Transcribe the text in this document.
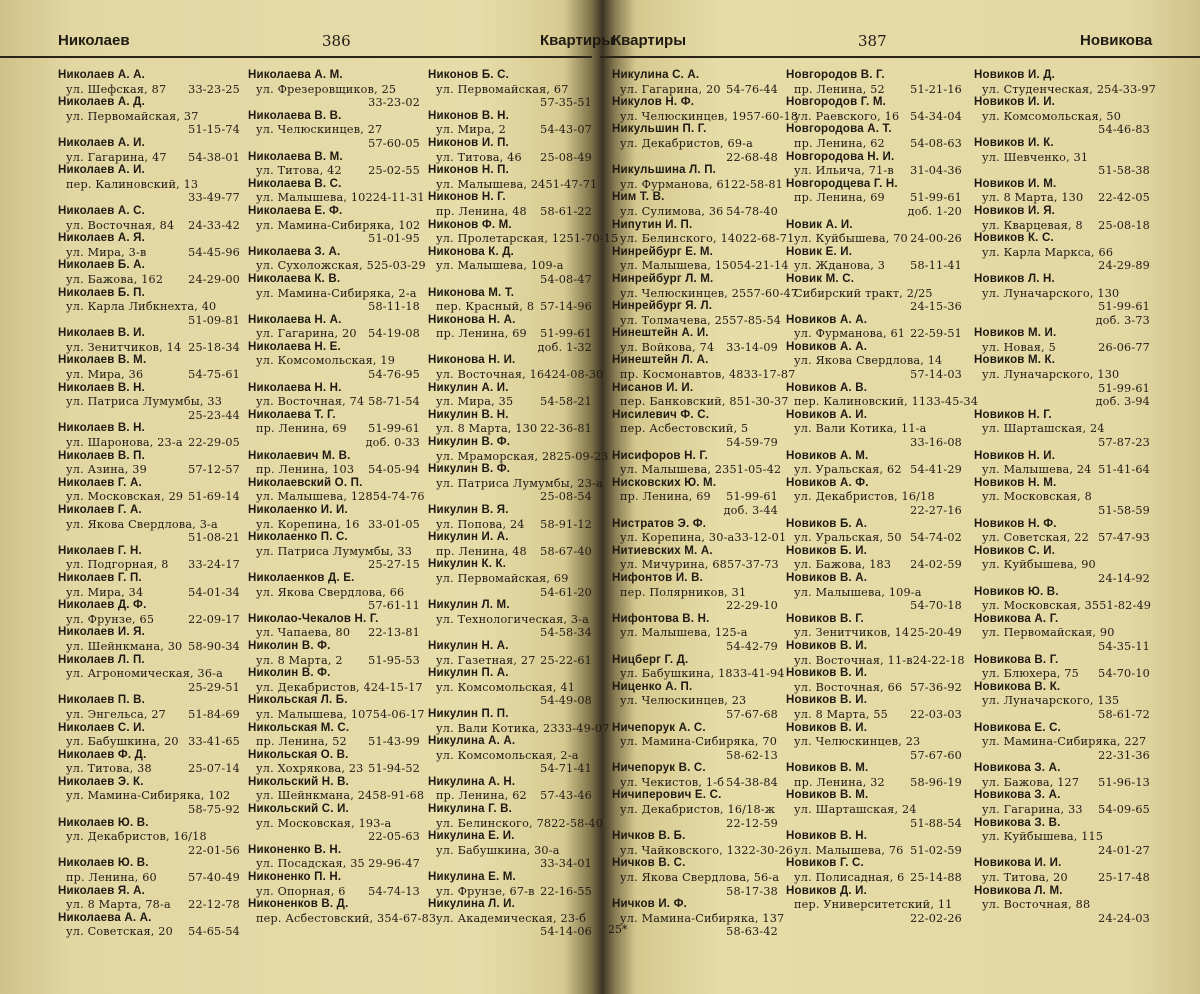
Николаев	386	Квартиры
Николаев А. А.
ул. Шефская, 87 33-23-25
Николаев А. Д.
ул. Первомайская, 37
51-15-74
Николаев А. И.
ул. Гагарина, 47 54-38-01
Николаев А. И.
пер. Калиновский, 13
33-49-77
Николаев А. С.
ул. Восточная, 84 24-33-42
Николаев А. Я.
ул. Мира, 3-в	54-45-96
Николаев Б. А.
ул. Бажова, 162 24-29-00
Николаев Б. П.
ул. Карла Либкнехта, 40
51-09-81
Николаев В. И.
ул. Зенитчиков, 14 25-18-34
Николаев В. М.
ул. Мира, 36	54-75-61
Николаев В. Н.
ул. Патриса Лумумбы, 33
25-23-44
Николаев В. Н.
ул. Шаронова, 23-а 22-29-05
Николаев В. П.
ул. Азина, 39	57-12-57
Николаев Г. А.
ул. Московская, 29 51-69-14
Николаев Г. А.
ул. Якова Свердлова, 3-а
51-08-21
Николаев Г. Н.
ул. Подгорная, 8 33-24-17
Николаев Г. П.
ул. Мира, 34	54-01-34
Николаев Д. Ф.
ул. Фрунзе, 65	22-09-17
Николаев И. Я.
ул. Шейнкмана, 30 58-90-34
Николаев Л. П.
ул. Агрономическая, 36-а
25-29-51
Николаев П. В.
ул. Энгельса, 27 51-84-69
Николаев С. И.
ул. Бабушкина, 20 33-41-65
Николаев Ф. Д.
ул. Титова, 38	25-07-14
Николаев Э. К.
ул. Мамина-Сибиряка, 102
58-75-92
Николаев Ю. В.
ул. Декабристов, 16/18
22-01-56
Николаев Ю. В.
пр. Ленина, 60	57-40-49
Николаев Я. А.
ул. 8 Марта, 78-а 22-12-78
Николаева А. А.
ул. Советская, 20 54-65-54
Николаева А. М.
ул. Фрезеровщиков, 25
33-23-02
Николаева В. В.
ул. Челюскинцев, 27
57-60-05
Николаева В. М.
ул. Титова, 42 25-02-55
Николаева В. С.
ул. Малышева, 102 24-11-31
Николаева Е. Ф.
ул. Мамина-Сибиряка, 102
51-01-95
Николаева З. А.
ул. Сухоложская, 5 25-03-29
Николаева К. В.
ул. Мамина-Сибиряка, 2-а
58-11-18
Николаева Н. А.
ул. Гагарина, 20 54-19-08
Николаева Н. Е.
ул. Комсомольская, 19
54-76-95
Николаева Н. Н.
ул. Восточная, 74 58-71-54
Николаева Т. Г.
пр. Ленина, 69 51-99-61
доб. 0-33
Николаевич М. В.
пр. Ленина, 103 54-05-94
Николаевский О. П.
ул. Малышева, 128 54-74-76
Николаенко И. И.
ул. Корепина, 16 33-01-05
Николаенко П. С.
ул. Патриса Лумумбы, 33
25-27-15
Николаенков Д. Е.
ул. Якова Свердлова, 66
57-61-11
Николао-Чекалов Н. Г.
ул. Чапаева, 80 22-13-81
Николин В. Ф.
ул. 8 Марта, 2 51-95-53
Николин В. Ф.
ул. Декабристов, 4 24-15-17
Никольская Л. Б.
ул. Малышева, 107 54-06-17
Никольская М. С.
пр. Ленина, 52 51-43-99
Никольская О. В.
ул. Хохрякова, 23 51-94-52
Никольский Н. В.
ул. Шейнкмана, 24 58-91-68
Никольский С. И.
ул. Московская, 193-а
22-05-63
Никоненко В. Н.
ул. Посадская, 35 29-96-47
Никоненко П. Н.
ул. Опорная, 6 54-74-13
Никоненков В. Д.
пер. Асбестовский, 3 54-67-83
Никонов Б. С.
ул. Первомайская, 67
57-35-51
Никонов В. Н.
ул. Мира, 2	54-43-07
Никонов И. П.
ул. Титова, 46 25-08-49
Никонов Н. П.
ул. Малышева, 24 51-47-71
Никонов Н. Г.
пр. Ленина, 48 58-61-22
Никонов Ф. М.
ул. Пролетарская, 12 51-70-15
Никонова К. Д.
ул. Малышева, 109-а
54-08-47
Никонова М. Т.
пер. Красный, 8 57-14-96
Никонова Н. А.
пр. Ленина, 69 51-99-61
доб. 1-32
Никонова Н. И.
ул. Восточная, 164 24-08-30
Никулин А. И.
ул. Мира, 35 54-58-21
Никулин В. Н.
ул. 8 Марта, 130 22-36-81
Никулин В. Ф.
ул. Мраморская, 28 25-09-23
Никулин В. Ф.
ул. Патриса Лумумбы, 23-а
25-08-54
Никулин В. Я.
ул. Попова, 24 58-91-12
Никулин И. А.
пр. Ленина, 48 58-67-40
Никулин К. К.
ул. Первомайская, 69
54-61-20
Никулин Л. М.
ул. Технологическая, 3-а
54-58-34
Никулин Н. А.
ул. Газетная, 27 25-22-61
Никулин П. А.
ул. Комсомольская, 41
54-49-08
Никулин П. П.
ул. Вали Котика, 23 33-49-07
Никулина А. А.
ул. Комсомольская, 2-а
54-71-41
Никулина А. Н.
пр. Ленина, 62 57-43-46
Никулина Г. В.
ул. Белинского, 78 22-58-40
Никулина Е. И.
ул. Бабушкина, 30-а
33-34-01
Никулина Е. М.
ул. Фрунзе, 67-в 22-16-55
Никулина Л. И.
ул. Академическая, 23-б
54-14-06
Квартиры	387	Новикова
Никулина С. А.
ул. Гагарина, 20 54-76-44
Никулов Н. Ф.
ул. Челюскинцев, 19 57-60-18
Никульшин П. Г.
ул. Декабристов, 69-а
22-68-48
Никульшина Л. П.
ул. Фурманова, 61 22-58-81
Ним Т. В.
ул. Сулимова, 36 54-78-40
Нипутин И. П.
ул. Белинского, 140 22-68-71
Нинрейбург Е. М.
ул. Малышева, 150 54-21-14
Нинрейбург Л. М.
ул. Челюскинцев, 25 57-60-47
Нинрейбург Я. Л.
ул. Толмачева, 25 57-85-54
Нинештейн А. И.
ул. Войкова, 74 33-14-09
Нинештейн Л. А.
пр. Космонавтов, 48 33-17-87
Нисанов И. И.
пер. Банковский, 8 51-30-37
Нисилевич Ф. С.
пер. Асбестовский, 5
54-59-79
Нисифоров Н. Г.
ул. Малышева, 23 51-05-42
Нисковских Ю. М.
пр. Ленина, 69 51-99-61
доб. 3-44
Нистратов Э. Ф.
ул. Корепина, 30-а 33-12-01
Нитиевских М. А.
ул. Мичурина, 68 57-37-73
Нифонтов И. В.
пер. Полярников, 31
22-29-10
Нифонтова В. Н.
ул. Малышева, 125-а
54-42-79
Ницберг Г. Д.
ул. Бабушкина, 18 33-41-94
Ниценко А. П.
ул. Челюскинцев, 23
57-67-68
Ничепорук А. С.
ул. Мамина-Сибиряка, 70
58-62-13
Ничепорук В. С.
ул. Чекистов, 1-б 54-38-84
Ничиперович Е. С.
ул. Декабристов, 16/18-ж
22-12-59
Ничков В. Б.
ул. Чайковского, 13 22-30-26
Ничков В. С.
ул. Якова Свердлова, 56-а
58-17-38
Ничков И. Ф.
ул. Мамина-Сибиряка, 137
58-63-42
Новгородов В. Г.
пр. Ленина, 52 51-21-16
Новгородов Г. М.
ул. Раевского, 16 54-34-04
Новгородова А. Т.
пр. Ленина, 62 54-08-63
Новгородова Н. И.
ул. Ильича, 71-в 31-04-36
Новгородцева Г. Н.
пр. Ленина, 69 51-99-61
доб. 1-20
Новик А. И.
ул. Куйбышева, 70 24-00-26
Новик Е. И.
ул. Жданова, 3 58-11-41
Новик М. С.
Сибирский тракт, 2/25
24-15-36
Новиков А. А.
ул. Фурманова, 61 22-59-51
Новиков А. А.
ул. Якова Свердлова, 14
57-14-03
Новиков А. В.
пер. Калиновский, 11 33-45-34
Новиков А. И.
ул. Вали Котика, 11-а
33-16-08
Новиков А. М.
ул. Уральская, 62 54-41-29
Новиков А. Ф.
ул. Декабристов, 16/18
22-27-16
Новиков Б. А.
ул. Уральская, 50 54-74-02
Новиков Б. И.
ул. Бажова, 183 24-02-59
Новиков В. А.
ул. Малышева, 109-а
54-70-18
Новиков В. Г.
ул. Зенитчиков, 14 25-20-49
Новиков В. И.
ул. Восточная, 11-в 24-22-18
Новиков В. И.
ул. Восточная, 66 57-36-92
Новиков В. И.
ул. 8 Марта, 55 22-03-03
Новиков В. И.
ул. Челюскинцев, 23
57-67-60
Новиков В. М.
пр. Ленина, 32 58-96-19
Новиков В. М.
ул. Шарташская, 24
51-88-54
Новиков В. Н.
ул. Малышева, 76 51-02-59
Новиков Г. С.
ул. Полисадная, 6 25-14-88
Новиков Д. И.
пер. Университетский, 11
22-02-26
Новиков И. Д.
ул. Студенческая, 2 54-33-97
Новиков И. И.
ул. Комсомольская, 50
54-46-83
Новиков И. К.
ул. Шевченко, 31
51-58-38
Новиков И. М.
ул. 8 Марта, 130 22-42-05
Новиков И. Я.
ул. Кварцевая, 8 25-08-18
Новиков К. С.
ул. Карла Маркса, 66
24-29-89
Новиков Л. Н.
ул. Луначарского, 130
51-99-61
доб. 3-73
Новиков М. И.
ул. Новая, 5	26-06-77
Новиков М. К.
ул. Луначарского, 130
51-99-61
доб. 3-94
Новиков Н. Г.
ул. Шарташская, 24
57-87-23
Новиков Н. И.
ул. Малышева, 24 51-41-64
Новиков Н. М.
ул. Московская, 8
51-58-59
Новиков Н. Ф.
ул. Советская, 22 57-47-93
Новиков С. И.
ул. Куйбышева, 90
24-14-92
Новиков Ю. В.
ул. Московская, 35 51-82-49
Новикова А. Г.
ул. Первомайская, 90
54-35-11
Новикова В. Г.
ул. Блюхера, 75 54-70-10
Новикова В. К.
ул. Луначарского, 135
58-61-72
Новикова Е. С.
ул. Мамина-Сибиряка, 227
22-31-36
Новикова З. А.
ул. Бажова, 127 51-96-13
Новикова З. А.
ул. Гагарина, 33 54-09-65
Новикова З. В.
ул. Куйбышева, 115
24-01-27
Новикова И. И.
ул. Титова, 20	25-17-48
Новикова Л. М.
ул. Восточная, 88
24-24-03
25*
